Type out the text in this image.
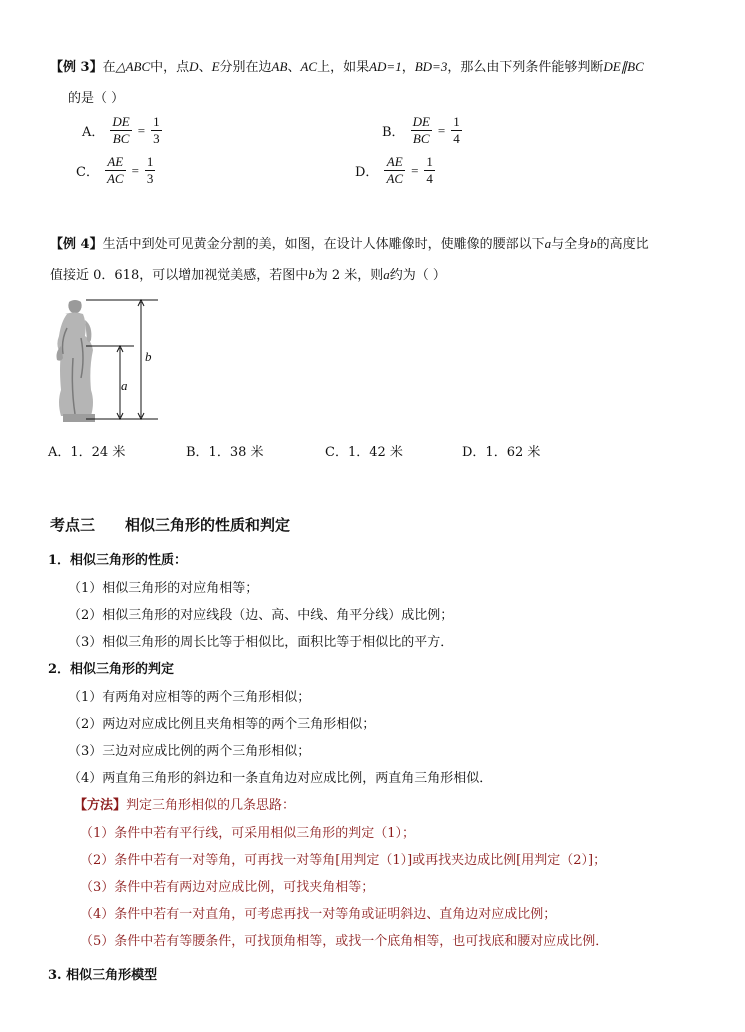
【例 3】在△ABC中，点D、E分别在边AB、AC上，如果AD=1，BD=3，那么由下列条件能够判断DE∥BC
的是（ ）
A． $\frac{DE}{BC} = \frac{1}{3}$	B． $\frac{DE}{BC} = \frac{1}{4}$
C． $\frac{AE}{AC} = \frac{1}{3}$	D． $\frac{AE}{AC} = \frac{1}{4}$
【例 4】生活中到处可见黄金分割的美，如图，在设计人体雕像时，使雕像的腰部以下a与全身b的高度比
值接近 0．618，可以增加视觉美感，若图中b为 2 米，则a约为（ ）
b
a
A．1．24 米	B．1．38 米	C．1．42 米	D．1．62 米
考点三 相似三角形的性质和判定
1．相似三角形的性质：
（1）相似三角形的对应角相等；
（2）相似三角形的对应线段（边、高、中线、角平分线）成比例；
（3）相似三角形的周长比等于相似比，面积比等于相似比的平方．
2．相似三角形的判定
（1）有两角对应相等的两个三角形相似；
（2）两边对应成比例且夹角相等的两个三角形相似；
（3）三边对应成比例的两个三角形相似；
（4）两直角三角形的斜边和一条直角边对应成比例，两直角三角形相似．
【方法】判定三角形相似的几条思路：
（1）条件中若有平行线，可采用相似三角形的判定（1）；
（2）条件中若有一对等角，可再找一对等角[用判定（1）]或再找夹边成比例[用判定（2）]；
（3）条件中若有两边对应成比例，可找夹角相等；
（4）条件中若有一对直角，可考虑再找一对等角或证明斜边、直角边对应成比例；
（5）条件中若有等腰条件，可找顶角相等，或找一个底角相等，也可找底和腰对应成比例．
3. 相似三角形模型
